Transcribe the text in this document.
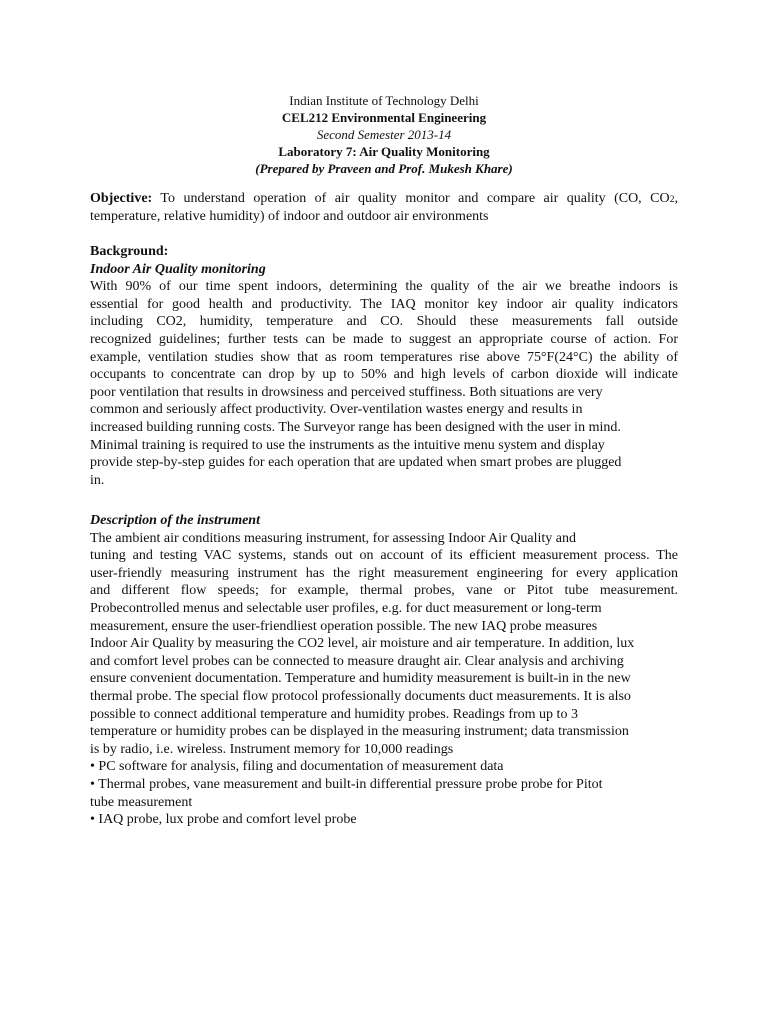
Indian Institute of Technology Delhi
CEL212 Environmental Engineering
Second Semester 2013-14
Laboratory 7: Air Quality Monitoring
(Prepared by Praveen and Prof. Mukesh Khare)
Objective: To understand operation of air quality monitor and compare air quality (CO, CO2,
temperature, relative humidity) of indoor and outdoor air environments
Background:
Indoor Air Quality monitoring
With 90% of our time spent indoors, determining the quality of the air we breathe indoors is
essential for good health and productivity. The IAQ monitor key indoor air quality indicators
including CO2, humidity, temperature and CO. Should these measurements fall outside
recognized guidelines; further tests can be made to suggest an appropriate course of action. For
example, ventilation studies show that as room temperatures rise above 75°F(24°C) the ability of
occupants to concentrate can drop by up to 50% and high levels of carbon dioxide will indicate
poor ventilation that results in drowsiness and perceived stuffiness. Both situations are very
common and seriously affect productivity. Over-ventilation wastes energy and results in
increased building running costs. The Surveyor range has been designed with the user in mind.
Minimal training is required to use the instruments as the intuitive menu system and display
provide step-by-step guides for each operation that are updated when smart probes are plugged
in.
Description of the instrument
The ambient air conditions measuring instrument, for assessing Indoor Air Quality and
tuning and testing VAC systems, stands out on account of its efficient measurement process. The
user-friendly measuring instrument has the right measurement engineering for every application
and different flow speeds; for example, thermal probes, vane or Pitot tube measurement.
Probecontrolled menus and selectable user profiles, e.g. for duct measurement or long-term
measurement, ensure the user-friendliest operation possible. The new IAQ probe measures
Indoor Air Quality by measuring the CO2 level, air moisture and air temperature. In addition, lux
and comfort level probes can be connected to measure draught air. Clear analysis and archiving
ensure convenient documentation. Temperature and humidity measurement is built-in in the new
thermal probe. The special flow protocol professionally documents duct measurements. It is also
possible to connect additional temperature and humidity probes. Readings from up to 3
temperature or humidity probes can be displayed in the measuring instrument; data transmission
is by radio, i.e. wireless. Instrument memory for 10,000 readings
• PC software for analysis, filing and documentation of measurement data
• Thermal probes, vane measurement and built-in differential pressure probe probe for Pitot
tube measurement
• IAQ probe, lux probe and comfort level probe
